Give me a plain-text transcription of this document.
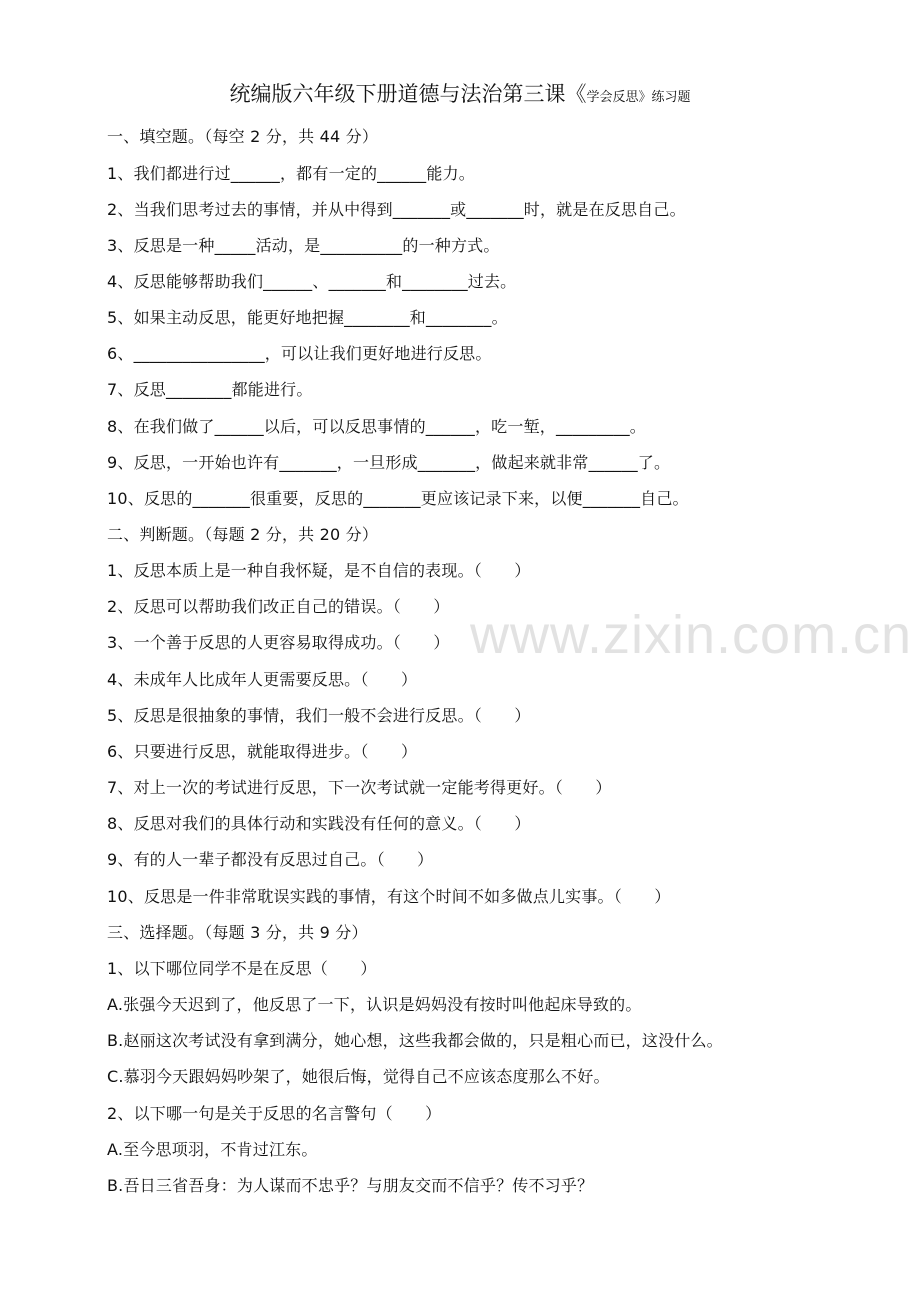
统编版六年级下册道德与法治第三课《学会反思》练习题
www.zixin.com.cn
一、填空题。（每空 2 分，共 44 分）
1、我们都进行过______，都有一定的______能力。
2、当我们思考过去的事情，并从中得到_______或_______时，就是在反思自己。
3、反思是一种_____活动，是__________的一种方式。
4、反思能够帮助我们______、_______和________过去。
5、如果主动反思，能更好地把握________和________。
6、________________，可以让我们更好地进行反思。
7、反思________都能进行。
8、在我们做了______以后，可以反思事情的______，吃一堑，_________。
9、反思，一开始也许有_______，一旦形成_______，做起来就非常______了。
10、反思的_______很重要，反思的_______更应该记录下来，以便_______自己。
二、判断题。（每题 2 分，共 20 分）
1、反思本质上是一种自我怀疑，是不自信的表现。（　　）
2、反思可以帮助我们改正自己的错误。（　　）
3、一个善于反思的人更容易取得成功。（　　）
4、未成年人比成年人更需要反思。（　　）
5、反思是很抽象的事情，我们一般不会进行反思。（　　）
6、只要进行反思，就能取得进步。（　　）
7、对上一次的考试进行反思，下一次考试就一定能考得更好。（　　）
8、反思对我们的具体行动和实践没有任何的意义。（　　）
9、有的人一辈子都没有反思过自己。（　　）
10、反思是一件非常耽误实践的事情，有这个时间不如多做点儿实事。（　　）
三、选择题。（每题 3 分，共 9 分）
1、以下哪位同学不是在反思（　　）
A.张强今天迟到了，他反思了一下，认识是妈妈没有按时叫他起床导致的。
B.赵丽这次考试没有拿到满分，她心想，这些我都会做的，只是粗心而已，这没什么。
C.慕羽今天跟妈妈吵架了，她很后悔，觉得自己不应该态度那么不好。
2、以下哪一句是关于反思的名言警句（　　）
A.至今思项羽，不肯过江东。
B.吾日三省吾身：为人谋而不忠乎？与朋友交而不信乎？传不习乎？
